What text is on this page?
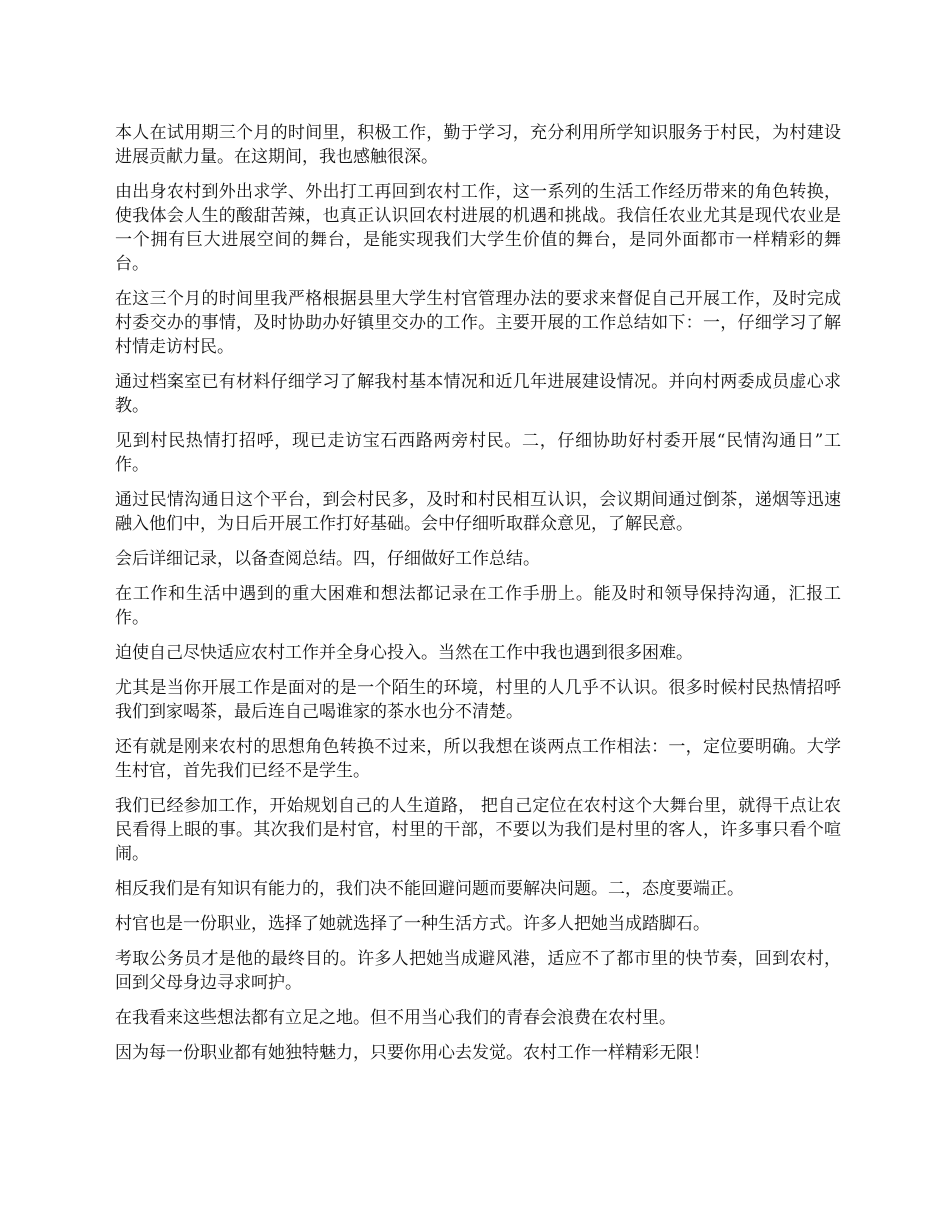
本人在试用期三个月的时间里，积极工作，勤于学习，充分利用所学知识服务于村民，为村建设进展贡献力量。在这期间，我也感触很深。

由出身农村到外出求学、外出打工再回到农村工作，这一系列的生活工作经历带来的角色转换，使我体会人生的酸甜苦辣，也真正认识回农村进展的机遇和挑战。我信任农业尤其是现代农业是一个拥有巨大进展空间的舞台，是能实现我们大学生价值的舞台，是同外面都市一样精彩的舞台。

在这三个月的时间里我严格根据县里大学生村官管理办法的要求来督促自己开展工作，及时完成村委交办的事情，及时协助办好镇里交办的工作。主要开展的工作总结如下：一，仔细学习了解村情走访村民。

通过档案室已有材料仔细学习了解我村基本情况和近几年进展建设情况。并向村两委成员虚心求教。

见到村民热情打招呼，现已走访宝石西路两旁村民。二，仔细协助好村委开展“民情沟通日”工作。

通过民情沟通日这个平台，到会村民多，及时和村民相互认识，会议期间通过倒茶，递烟等迅速融入他们中，为日后开展工作打好基础。会中仔细听取群众意见，了解民意。

会后详细记录，以备查阅总结。四，仔细做好工作总结。

在工作和生活中遇到的重大困难和想法都记录在工作手册上。能及时和领导保持沟通，汇报工作。

迫使自己尽快适应农村工作并全身心投入。当然在工作中我也遇到很多困难。

尤其是当你开展工作是面对的是一个陌生的环境，村里的人几乎不认识。很多时候村民热情招呼我们到家喝茶，最后连自己喝谁家的茶水也分不清楚。

还有就是刚来农村的思想角色转换不过来，所以我想在谈两点工作相法：一，定位要明确。大学生村官，首先我们已经不是学生。

我们已经参加工作，开始规划自己的人生道路， 把自己定位在农村这个大舞台里，就得干点让农民看得上眼的事。其次我们是村官，村里的干部，不要以为我们是村里的客人，许多事只看个喧闹。

相反我们是有知识有能力的，我们决不能回避问题而要解决问题。二，态度要端正。

村官也是一份职业，选择了她就选择了一种生活方式。许多人把她当成踏脚石。

考取公务员才是他的最终目的。许多人把她当成避风港，适应不了都市里的快节奏，回到农村，回到父母身边寻求呵护。

在我看来这些想法都有立足之地。但不用当心我们的青春会浪费在农村里。

因为每一份职业都有她独特魅力，只要你用心去发觉。农村工作一样精彩无限！
